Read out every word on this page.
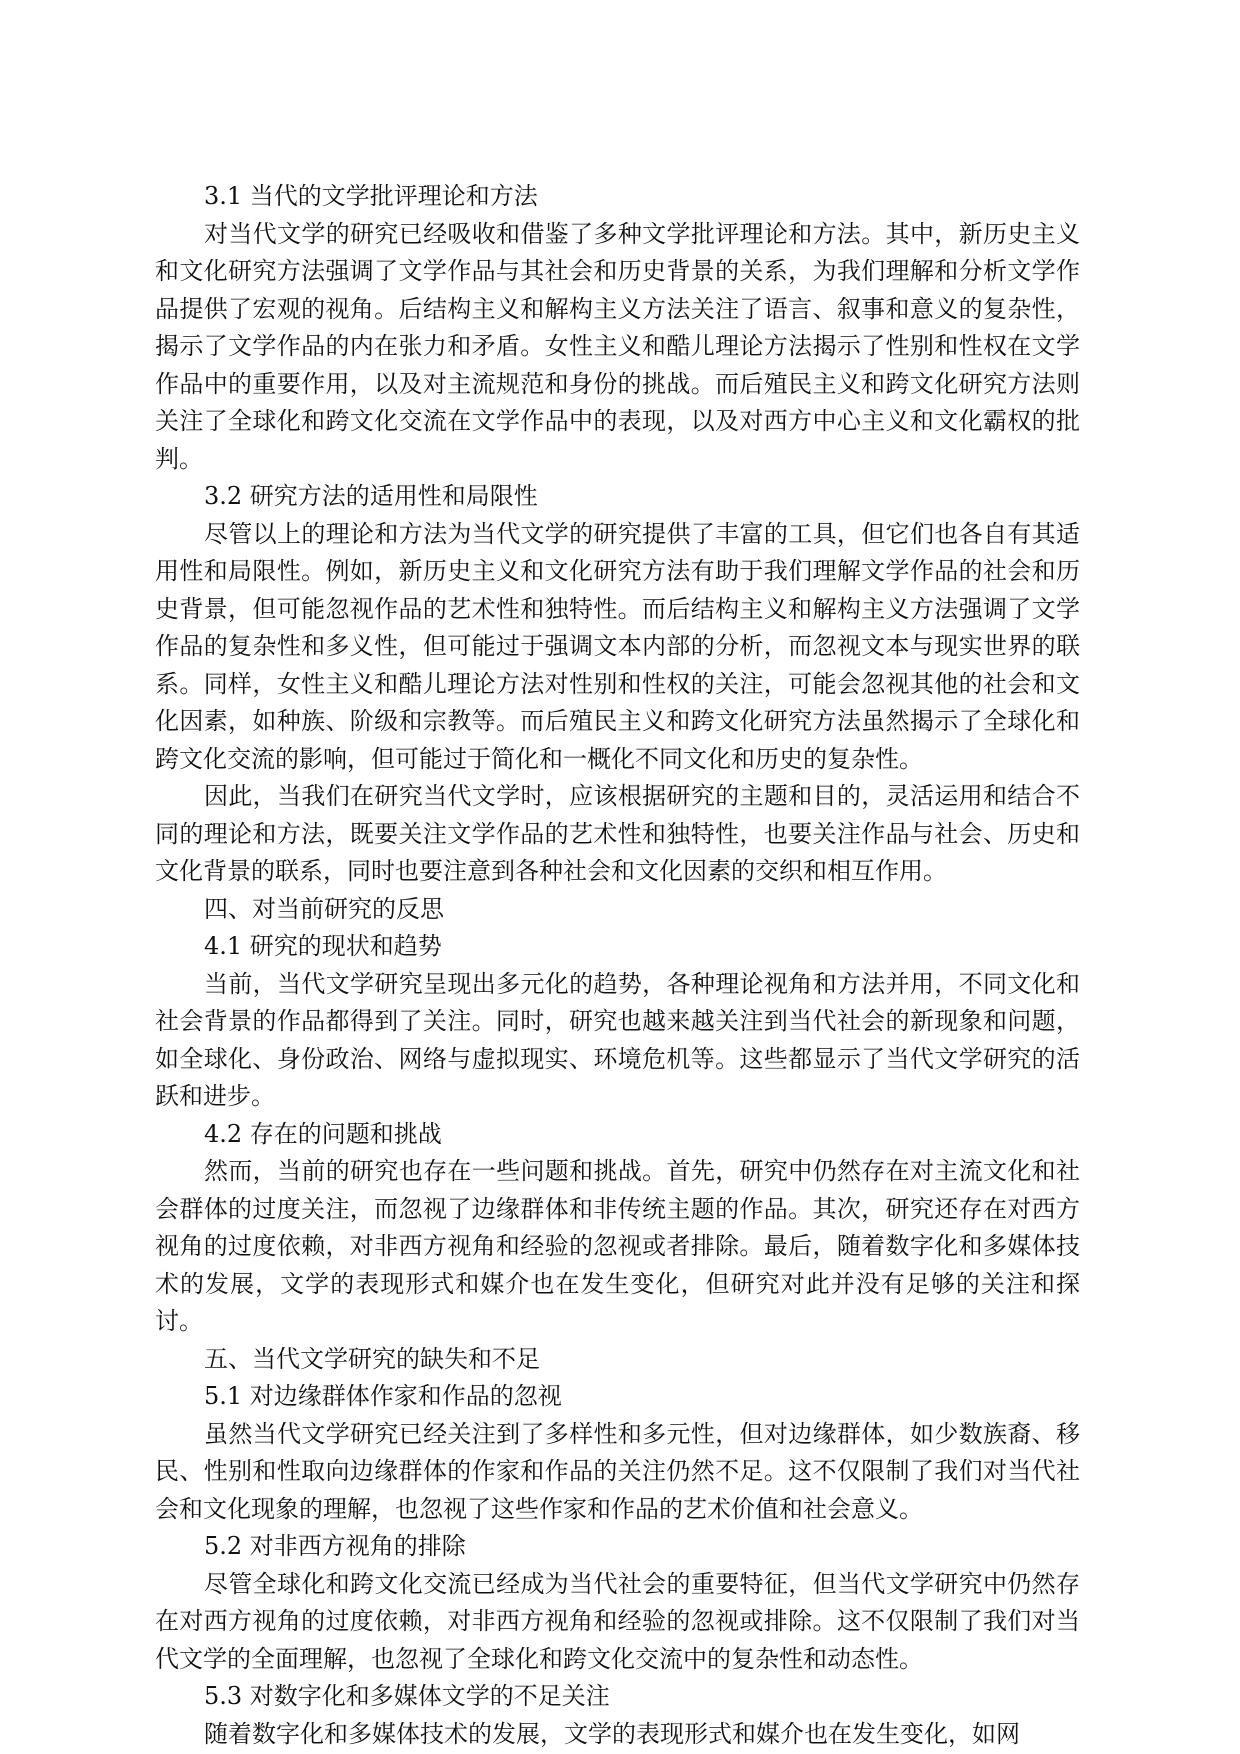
3.1 当代的文学批评理论和方法

对当代文学的研究已经吸收和借鉴了多种文学批评理论和方法。其中，新历史主义和文化研究方法强调了文学作品与其社会和历史背景的关系，为我们理解和分析文学作品提供了宏观的视角。后结构主义和解构主义方法关注了语言、叙事和意义的复杂性，揭示了文学作品的内在张力和矛盾。女性主义和酷儿理论方法揭示了性别和性权在文学作品中的重要作用，以及对主流规范和身份的挑战。而后殖民主义和跨文化研究方法则关注了全球化和跨文化交流在文学作品中的表现，以及对西方中心主义和文化霸权的批判。

3.2 研究方法的适用性和局限性

尽管以上的理论和方法为当代文学的研究提供了丰富的工具，但它们也各自有其适用性和局限性。例如，新历史主义和文化研究方法有助于我们理解文学作品的社会和历史背景，但可能忽视作品的艺术性和独特性。而后结构主义和解构主义方法强调了文学作品的复杂性和多义性，但可能过于强调文本内部的分析，而忽视文本与现实世界的联系。同样，女性主义和酷儿理论方法对性别和性权的关注，可能会忽视其他的社会和文化因素，如种族、阶级和宗教等。而后殖民主义和跨文化研究方法虽然揭示了全球化和跨文化交流的影响，但可能过于简化和一概化不同文化和历史的复杂性。

因此，当我们在研究当代文学时，应该根据研究的主题和目的，灵活运用和结合不同的理论和方法，既要关注文学作品的艺术性和独特性，也要关注作品与社会、历史和文化背景的联系，同时也要注意到各种社会和文化因素的交织和相互作用。

四、对当前研究的反思

4.1 研究的现状和趋势

当前，当代文学研究呈现出多元化的趋势，各种理论视角和方法并用，不同文化和社会背景的作品都得到了关注。同时，研究也越来越关注到当代社会的新现象和问题，如全球化、身份政治、网络与虚拟现实、环境危机等。这些都显示了当代文学研究的活跃和进步。

4.2 存在的问题和挑战

然而，当前的研究也存在一些问题和挑战。首先，研究中仍然存在对主流文化和社会群体的过度关注，而忽视了边缘群体和非传统主题的作品。其次，研究还存在对西方视角的过度依赖，对非西方视角和经验的忽视或者排除。最后，随着数字化和多媒体技术的发展，文学的表现形式和媒介也在发生变化，但研究对此并没有足够的关注和探讨。

五、当代文学研究的缺失和不足

5.1 对边缘群体作家和作品的忽视

虽然当代文学研究已经关注到了多样性和多元性，但对边缘群体，如少数族裔、移民、性别和性取向边缘群体的作家和作品的关注仍然不足。这不仅限制了我们对当代社会和文化现象的理解，也忽视了这些作家和作品的艺术价值和社会意义。

5.2 对非西方视角的排除

尽管全球化和跨文化交流已经成为当代社会的重要特征，但当代文学研究中仍然存在对西方视角的过度依赖，对非西方视角和经验的忽视或排除。这不仅限制了我们对当代文学的全面理解，也忽视了全球化和跨文化交流中的复杂性和动态性。

5.3 对数字化和多媒体文学的不足关注

随着数字化和多媒体技术的发展，文学的表现形式和媒介也在发生变化，如网
